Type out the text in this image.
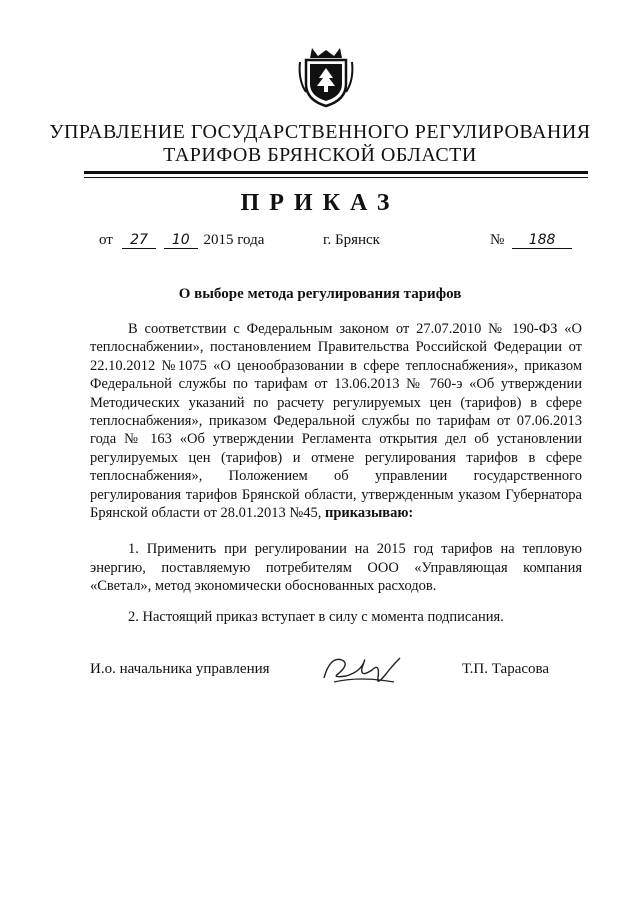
УПРАВЛЕНИЕ ГОСУДАРСТВЕННОГО РЕГУЛИРОВАНИЯ
ТАРИФОВ БРЯНСКОЙ ОБЛАСТИ
ПРИКАЗ
от	27 10 2015 года	г. Брянск	№ 188
О выборе метода регулирования тарифов

В соответствии с Федеральным законом от 27.07.2010 № 190-ФЗ «О теплоснабжении», постановлением Правительства Российской Федерации от 22.10.2012 №1075 «О ценообразовании в сфере теплоснабжения», приказом Федеральной службы по тарифам от 13.06.2013 № 760-э «Об утверждении Методических указаний по расчету регулируемых цен (тарифов) в сфере теплоснабжения», приказом Федеральной службы по тарифам от 07.06.2013 года № 163 «Об утверждении Регламента открытия дел об установлении регулируемых цен (тарифов) и отмене регулирования тарифов в сфере теплоснабжения», Положением об управлении государственного регулирования тарифов Брянской области, утвержденным указом Губернатора Брянской области от 28.01.2013 №45, приказываю:

1. Применить при регулировании на 2015 год тарифов на тепловую энергию, поставляемую потребителям ООО «Управляющая компания «Светал», метод экономически обоснованных расходов.

2. Настоящий приказ вступает в силу с момента подписания.

И.о. начальника управления	Т.П. Тарасова
